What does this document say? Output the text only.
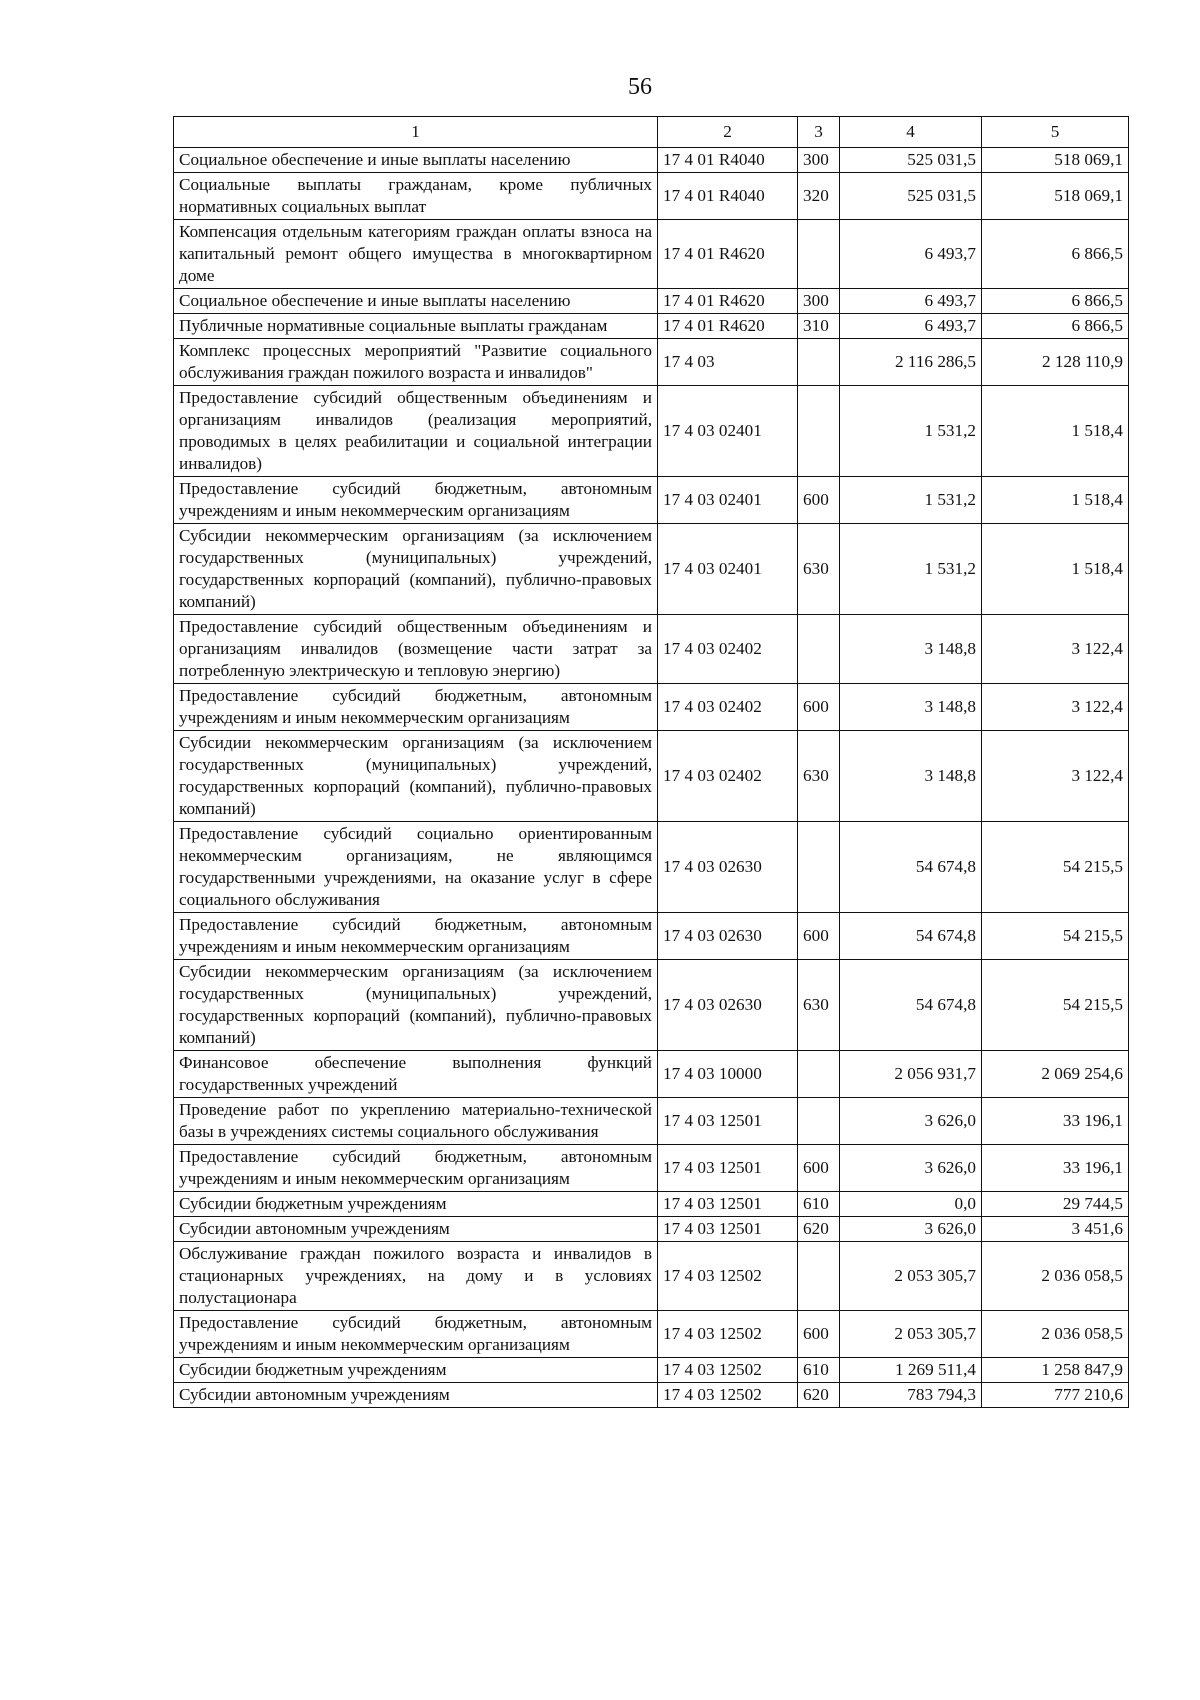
56
1	2	3	4	5
Социальное обеспечение и иные выплаты населению	17 4 01 R4040	300	525 031,5	518 069,1
Социальные выплаты гражданам, кроме публичных нормативных социальных выплат	17 4 01 R4040	320	525 031,5	518 069,1
Компенсация отдельным категориям граждан оплаты взноса на капитальный ремонт общего имущества в многоквартирном доме	17 4 01 R4620		6 493,7	6 866,5
Социальное обеспечение и иные выплаты населению	17 4 01 R4620	300	6 493,7	6 866,5
Публичные нормативные социальные выплаты гражданам	17 4 01 R4620	310	6 493,7	6 866,5
Комплекс процессных мероприятий "Развитие социального обслуживания граждан пожилого возраста и инвалидов"	17 4 03		2 116 286,5	2 128 110,9
Предоставление субсидий общественным объединениям и организациям инвалидов (реализация мероприятий, проводимых в целях реабилитации и социальной интеграции инвалидов)	17 4 03 02401		1 531,2	1 518,4
Предоставление субсидий бюджетным, автономным учреждениям и иным некоммерческим организациям	17 4 03 02401	600	1 531,2	1 518,4
Субсидии некоммерческим организациям (за исключением государственных (муниципальных) учреждений, государственных корпораций (компаний), публично-правовых компаний)	17 4 03 02401	630	1 531,2	1 518,4
Предоставление субсидий общественным объединениям и организациям инвалидов (возмещение части затрат за потребленную электрическую и тепловую энергию)	17 4 03 02402		3 148,8	3 122,4
Предоставление субсидий бюджетным, автономным учреждениям и иным некоммерческим организациям	17 4 03 02402	600	3 148,8	3 122,4
Субсидии некоммерческим организациям (за исключением государственных (муниципальных) учреждений, государственных корпораций (компаний), публично-правовых компаний)	17 4 03 02402	630	3 148,8	3 122,4
Предоставление субсидий социально ориентированным некоммерческим организациям, не являющимся государственными учреждениями, на оказание услуг в сфере социального обслуживания	17 4 03 02630		54 674,8	54 215,5
Предоставление субсидий бюджетным, автономным учреждениям и иным некоммерческим организациям	17 4 03 02630	600	54 674,8	54 215,5
Субсидии некоммерческим организациям (за исключением государственных (муниципальных) учреждений, государственных корпораций (компаний), публично-правовых компаний)	17 4 03 02630	630	54 674,8	54 215,5
Финансовое обеспечение выполнения функций государственных учреждений	17 4 03 10000		2 056 931,7	2 069 254,6
Проведение работ по укреплению материально-технической базы в учреждениях системы социального обслуживания	17 4 03 12501		3 626,0	33 196,1
Предоставление субсидий бюджетным, автономным учреждениям и иным некоммерческим организациям	17 4 03 12501	600	3 626,0	33 196,1
Субсидии бюджетным учреждениям	17 4 03 12501	610	0,0	29 744,5
Субсидии автономным учреждениям	17 4 03 12501	620	3 626,0	3 451,6
Обслуживание граждан пожилого возраста и инвалидов в стационарных учреждениях, на дому и в условиях полустационара	17 4 03 12502		2 053 305,7	2 036 058,5
Предоставление субсидий бюджетным, автономным учреждениям и иным некоммерческим организациям	17 4 03 12502	600	2 053 305,7	2 036 058,5
Субсидии бюджетным учреждениям	17 4 03 12502	610	1 269 511,4	1 258 847,9
Субсидии автономным учреждениям	17 4 03 12502	620	783 794,3	777 210,6
